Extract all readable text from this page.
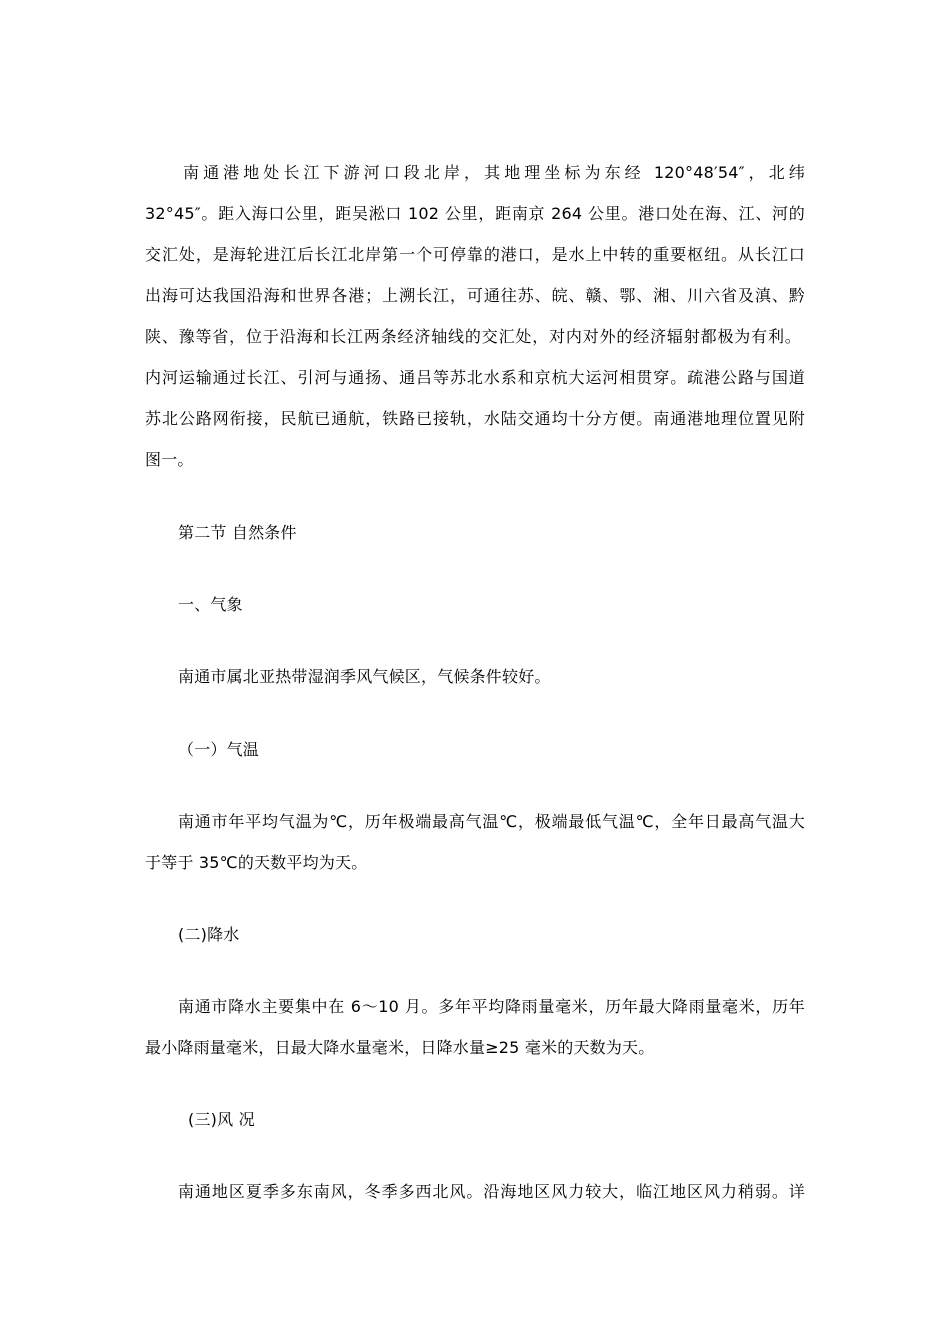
南通港地处长江下游河口段北岸，其地理坐标为东经 120°48′54″，北纬
32°45″。距入海口公里，距吴淞口 102 公里，距南京 264 公里。港口处在海、江、河的
交汇处，是海轮进江后长江北岸第一个可停靠的港口，是水上中转的重要枢纽。从长江口
出海可达我国沿海和世界各港；上溯长江，可通往苏、皖、赣、鄂、湘、川六省及滇、黔
陕、豫等省，位于沿海和长江两条经济轴线的交汇处，对内对外的经济辐射都极为有利。
内河运输通过长江、引河与通扬、通吕等苏北水系和京杭大运河相贯穿。疏港公路与国道
苏北公路网衔接，民航已通航，铁路已接轨，水陆交通均十分方便。南通港地理位置见附
图一。
第二节 自然条件
一、气象
南通市属北亚热带湿润季风气候区，气候条件较好。
（一）气温
南通市年平均气温为℃，历年极端最高气温℃，极端最低气温℃，全年日最高气温大
于等于 35℃的天数平均为天。
(二)降水
南通市降水主要集中在 6～10 月。多年平均降雨量毫米，历年最大降雨量毫米，历年
最小降雨量毫米，日最大降水量毫米，日降水量≥25 毫米的天数为天。
(三)风 况
南通地区夏季多东南风，冬季多西北风。沿海地区风力较大，临江地区风力稍弱。详
